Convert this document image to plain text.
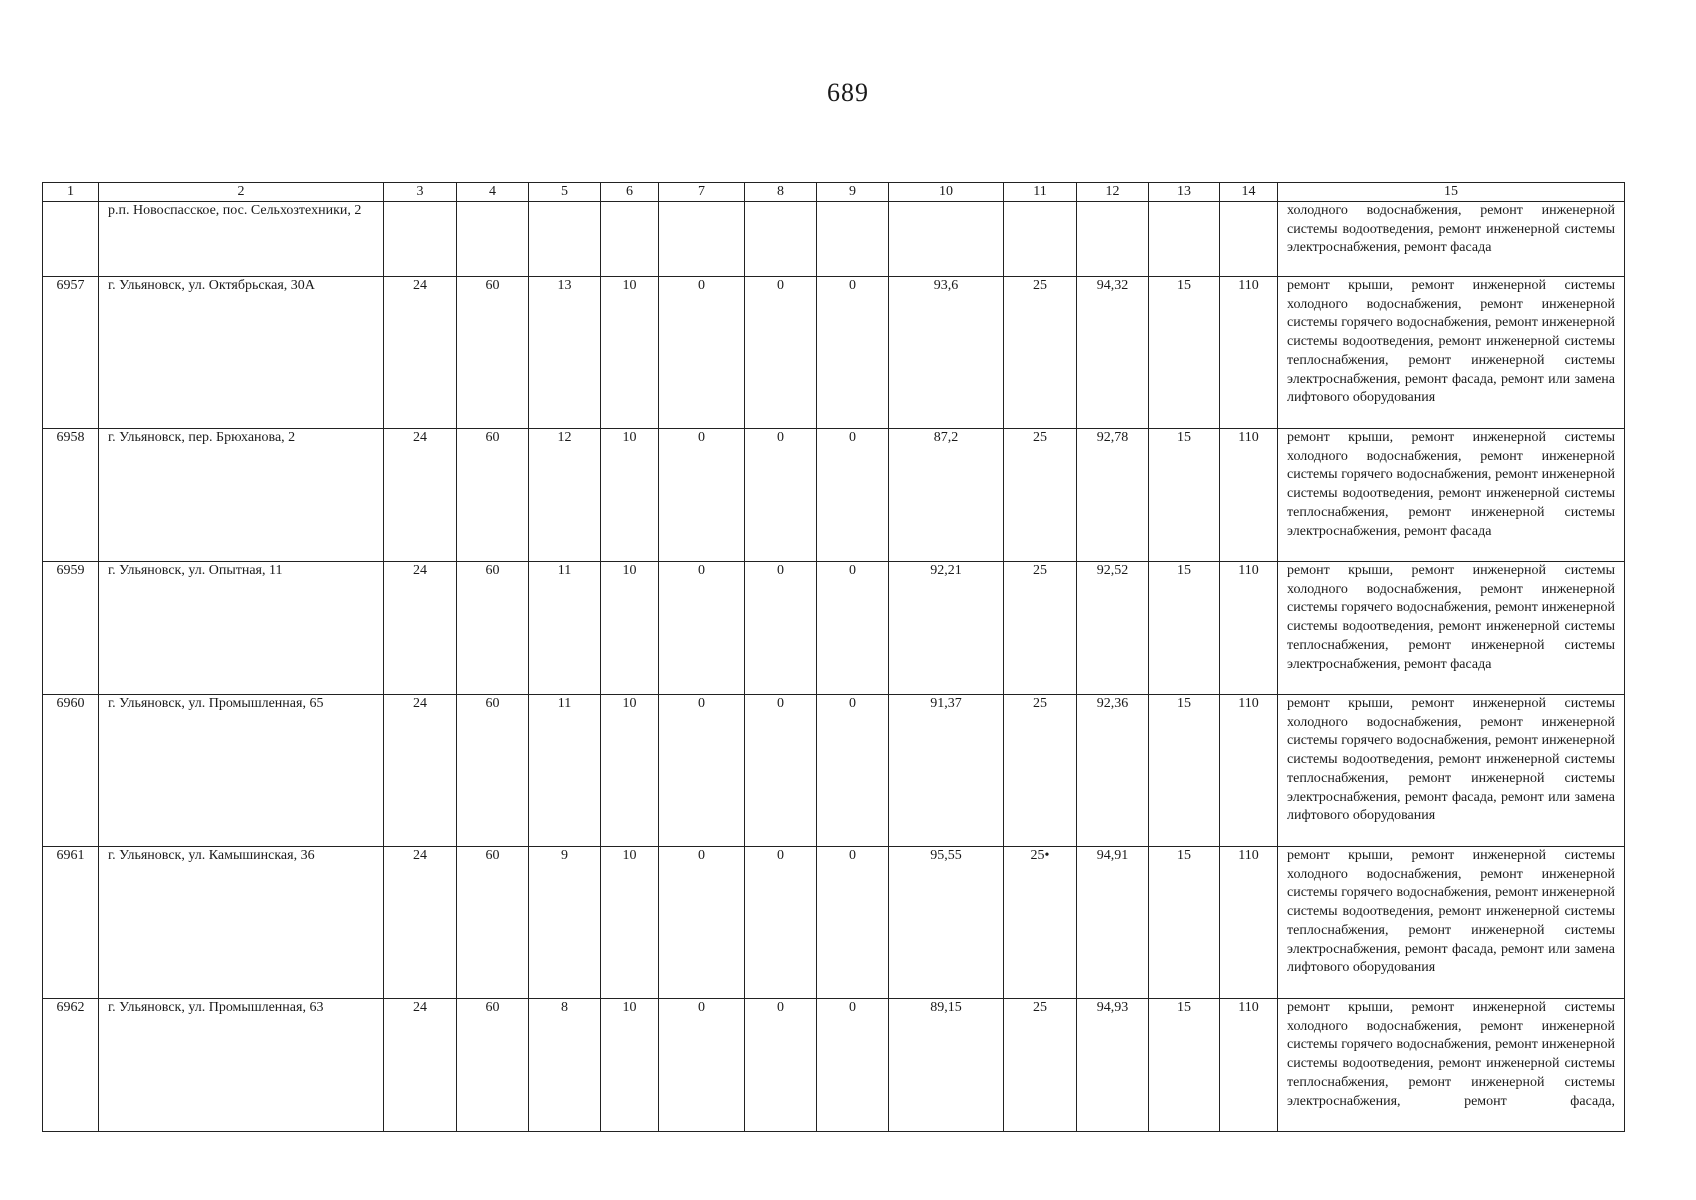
689
1	2	3	4	5	6	7	8	9	10	11	12	13	14	15
	р.п. Новоспасское, пос. Сельхозтехники, 2													холодного водоснабжения, ремонт инженерной системы водоотведения, ремонт инженерной системы электроснабжения, ремонт фасада
6957	г. Ульяновск, ул. Октябрьская, 30А	24	60	13	10	0	0	0	93,6	25	94,32	15	110	ремонт крыши, ремонт инженерной системы холодного водоснабжения, ремонт инженерной системы горячего водоснабжения, ремонт инженерной системы водоотведения, ремонт инженерной системы теплоснабжения, ремонт инженерной системы электроснабжения, ремонт фасада, ремонт или замена лифтового оборудования
6958	г. Ульяновск, пер. Брюханова, 2	24	60	12	10	0	0	0	87,2	25	92,78	15	110	ремонт крыши, ремонт инженерной системы холодного водоснабжения, ремонт инженерной системы горячего водоснабжения, ремонт инженерной системы водоотведения, ремонт инженерной системы теплоснабжения, ремонт инженерной системы электроснабжения, ремонт фасада
6959	г. Ульяновск, ул. Опытная, 11	24	60	11	10	0	0	0	92,21	25	92,52	15	110	ремонт крыши, ремонт инженерной системы холодного водоснабжения, ремонт инженерной системы горячего водоснабжения, ремонт инженерной системы водоотведения, ремонт инженерной системы теплоснабжения, ремонт инженерной системы электроснабжения, ремонт фасада
6960	г. Ульяновск, ул. Промышленная, 65	24	60	11	10	0	0	0	91,37	25	92,36	15	110	ремонт крыши, ремонт инженерной системы холодного водоснабжения, ремонт инженерной системы горячего водоснабжения, ремонт инженерной системы водоотведения, ремонт инженерной системы теплоснабжения, ремонт инженерной системы электроснабжения, ремонт фасада, ремонт или замена лифтового оборудования
6961	г. Ульяновск, ул. Камышинская, 36	24	60	9	10	0	0	0	95,55	25•	94,91	15	110	ремонт крыши, ремонт инженерной системы холодного водоснабжения, ремонт инженерной системы горячего водоснабжения, ремонт инженерной системы водоотведения, ремонт инженерной системы теплоснабжения, ремонт инженерной системы электроснабжения, ремонт фасада, ремонт или замена лифтового оборудования
6962	г. Ульяновск, ул. Промышленная, 63	24	60	8	10	0	0	0	89,15	25	94,93	15	110	ремонт крыши, ремонт инженерной системы холодного водоснабжения, ремонт инженерной системы горячего водоснабжения, ремонт инженерной системы водоотведения, ремонт инженерной системы теплоснабжения, ремонт инженерной системы электроснабжения, ремонт фасада,
